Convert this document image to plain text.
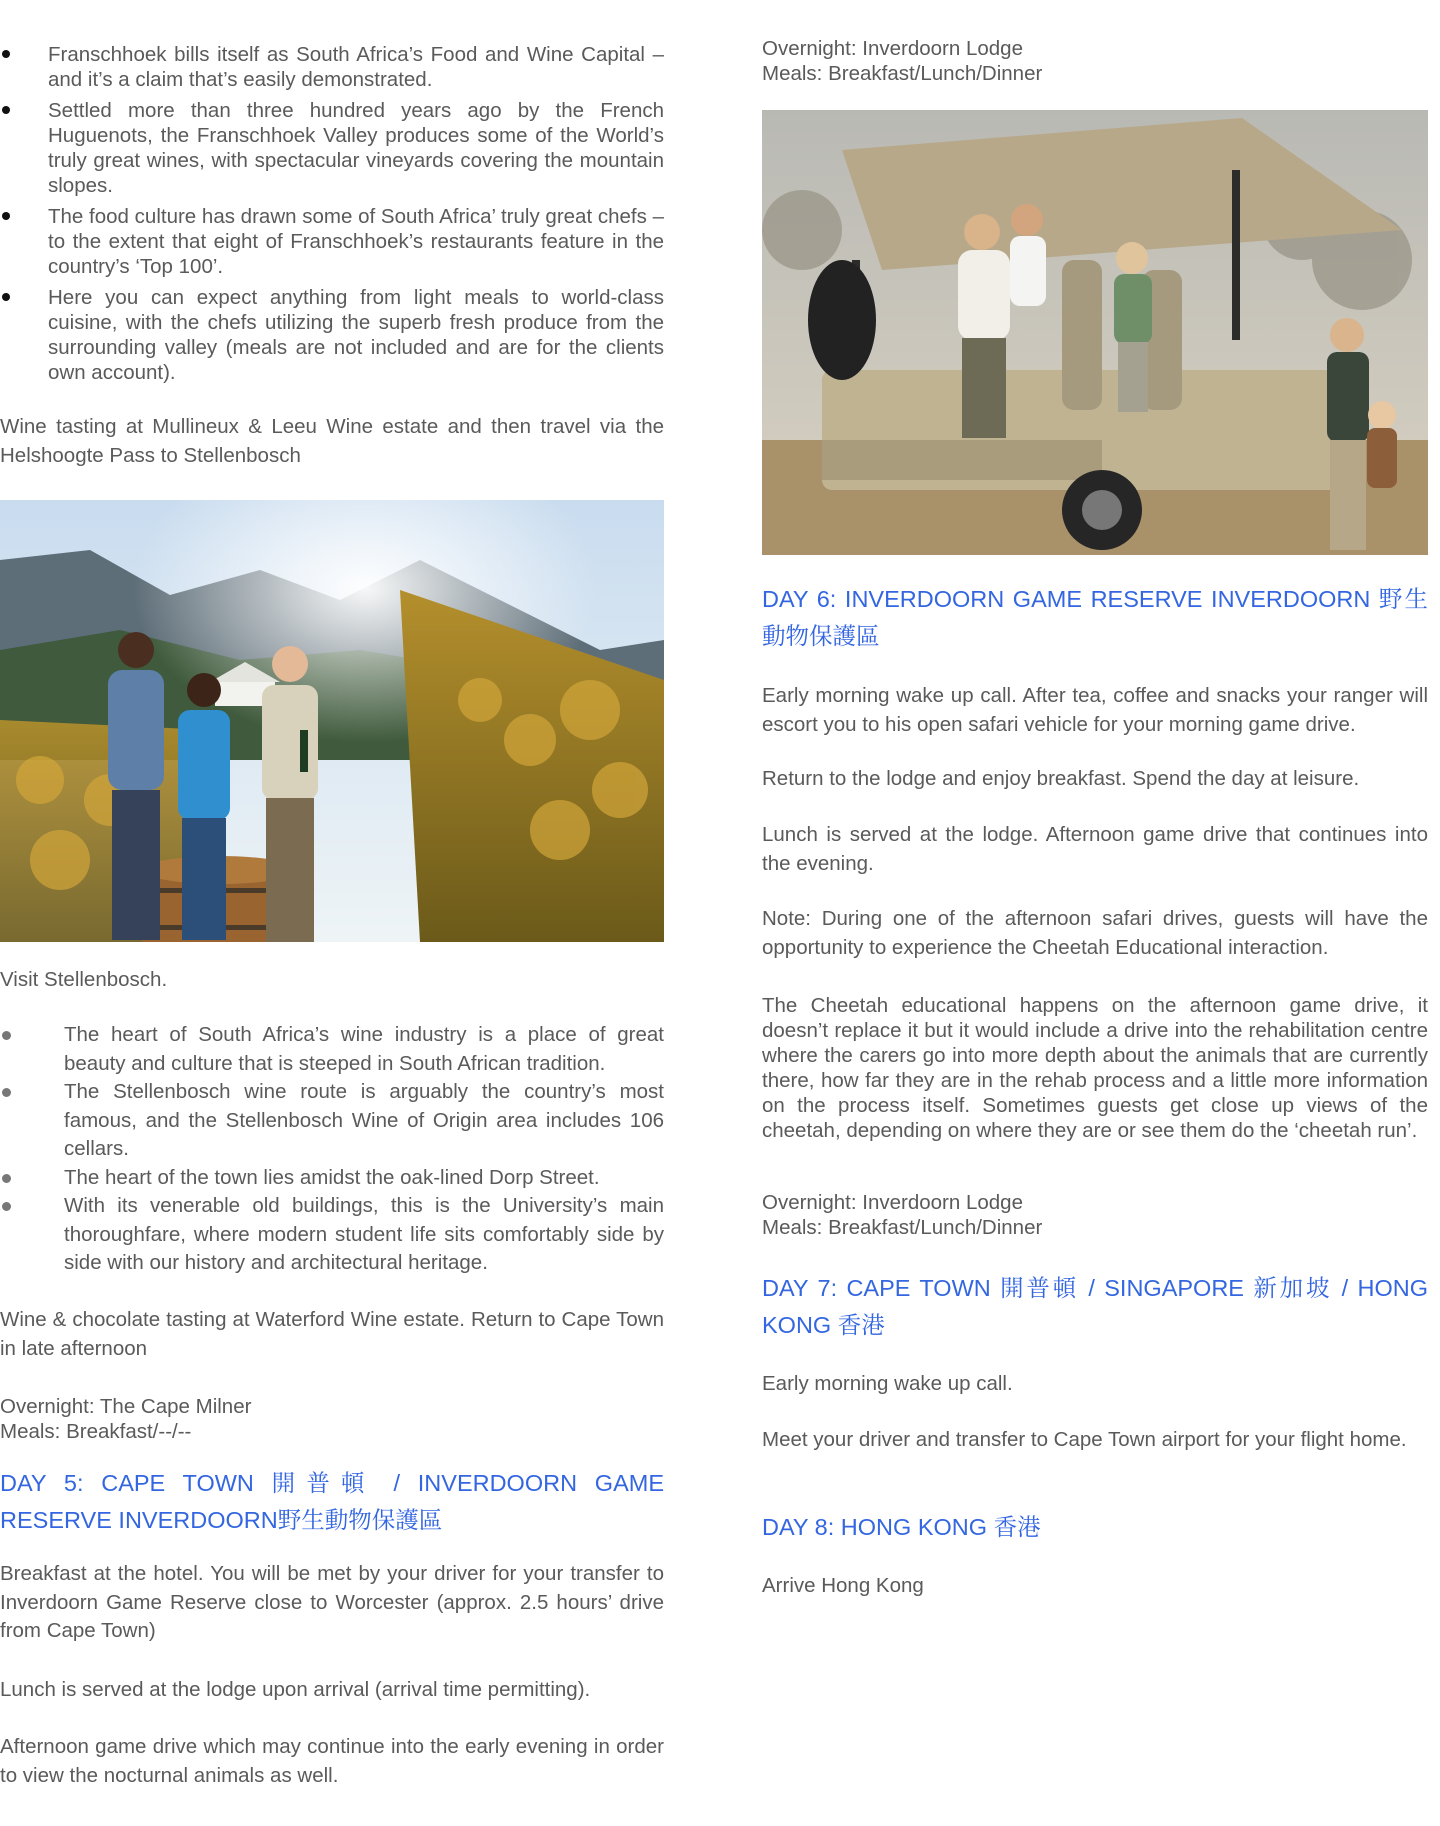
Franschhoek bills itself as South Africa’s Food and Wine Capital – and it’s a claim that’s easily demonstrated.
Settled more than three hundred years ago by the French Huguenots, the Franschhoek Valley produces some of the World’s truly great wines, with spectacular vineyards covering the mountain slopes.
The food culture has drawn some of South Africa’ truly great chefs – to the extent that eight of Franschhoek’s restaurants feature in the country’s ‘Top 100’.
Here you can expect anything from light meals to world-class cuisine, with the chefs utilizing the superb fresh produce from the surrounding valley (meals are not included and are for the clients own account).

Wine tasting at Mullineux & Leeu Wine estate and then travel via the Helshoogte Pass to Stellenbosch

Visit Stellenbosch.

The heart of South Africa’s wine industry is a place of great beauty and culture that is steeped in South African tradition.
The Stellenbosch wine route is arguably the country’s most famous, and the Stellenbosch Wine of Origin area includes 106 cellars.
The heart of the town lies amidst the oak-lined Dorp Street.
With its venerable old buildings, this is the University’s main thoroughfare, where modern student life sits comfortably side by side with our history and architectural heritage.

Wine & chocolate tasting at Waterford Wine estate. Return to Cape Town in late afternoon

Overnight: The Cape Milner

Meals: Breakfast/--/--

DAY 5: CAPE TOWN 開普頓 / INVERDOORN GAME RESERVE INVERDOORN野生動物保護區

Breakfast at the hotel. You will be met by your driver for your transfer to Inverdoorn Game Reserve close to Worcester (approx. 2.5 hours’ drive from Cape Town)

Lunch is served at the lodge upon arrival (arrival time permitting).

Afternoon game drive which may continue into the early evening in order to view the nocturnal animals as well.

Overnight: Inverdoorn Lodge

Meals: Breakfast/Lunch/Dinner

DAY 6: INVERDOORN GAME RESERVE INVERDOORN 野生動物保護區

Early morning wake up call. After tea, coffee and snacks your ranger will escort you to his open safari vehicle for your morning game drive.

Return to the lodge and enjoy breakfast. Spend the day at leisure.

Lunch is served at the lodge. Afternoon game drive that continues into the evening.

Note: During one of the afternoon safari drives, guests will have the opportunity to experience the Cheetah Educational interaction.

The Cheetah educational happens on the afternoon game drive, it doesn’t replace it but it would include a drive into the rehabilitation centre where the carers go into more depth about the animals that are currently there, how far they are in the rehab process and a little more information on the process itself. Sometimes guests get close up views of the cheetah, depending on where they are or see them do the ‘cheetah run’.

Overnight: Inverdoorn Lodge

Meals: Breakfast/Lunch/Dinner

DAY 7: CAPE TOWN 開普頓 / SINGAPORE 新加坡 / HONG KONG 香港

Early morning wake up call.

Meet your driver and transfer to Cape Town airport for your flight home.

DAY 8: HONG KONG 香港

Arrive Hong Kong
